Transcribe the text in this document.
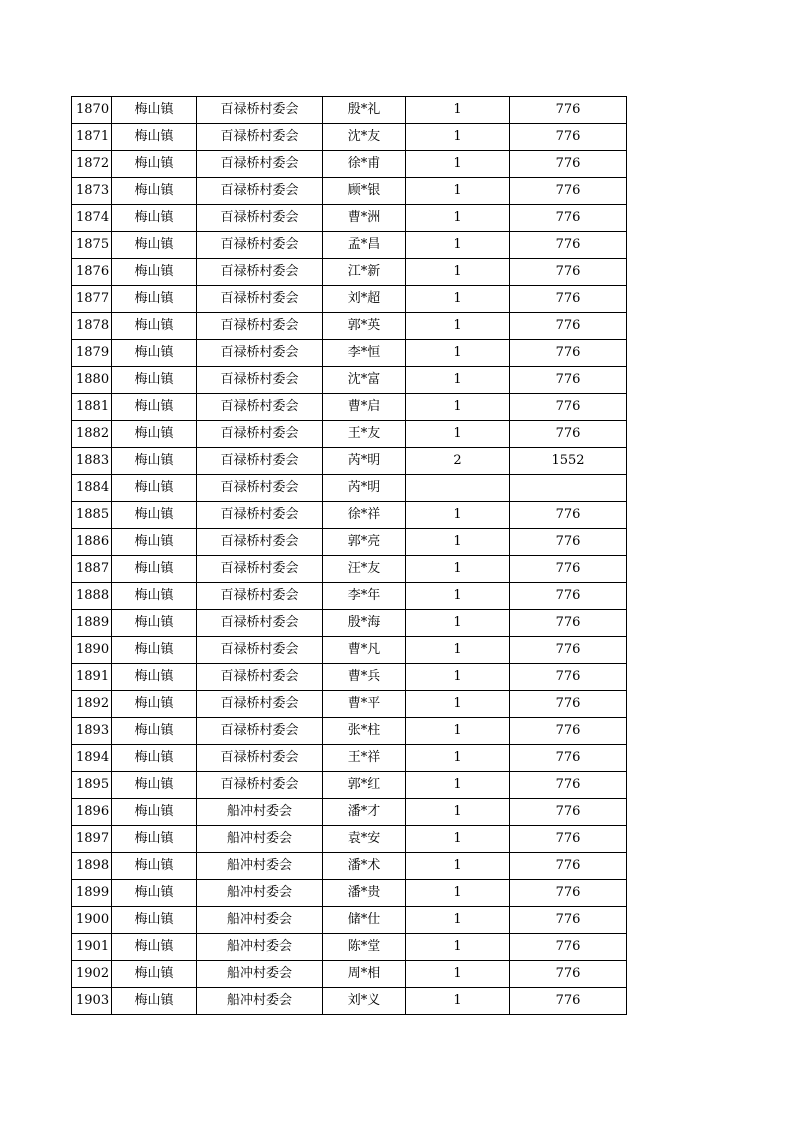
1870	梅山镇	百禄桥村委会	殷*礼	1	776
1871	梅山镇	百禄桥村委会	沈*友	1	776
1872	梅山镇	百禄桥村委会	徐*甫	1	776
1873	梅山镇	百禄桥村委会	顾*银	1	776
1874	梅山镇	百禄桥村委会	曹*洲	1	776
1875	梅山镇	百禄桥村委会	孟*昌	1	776
1876	梅山镇	百禄桥村委会	江*新	1	776
1877	梅山镇	百禄桥村委会	刘*超	1	776
1878	梅山镇	百禄桥村委会	郭*英	1	776
1879	梅山镇	百禄桥村委会	李*恒	1	776
1880	梅山镇	百禄桥村委会	沈*富	1	776
1881	梅山镇	百禄桥村委会	曹*启	1	776
1882	梅山镇	百禄桥村委会	王*友	1	776
1883	梅山镇	百禄桥村委会	芮*明	2	1552
1884	梅山镇	百禄桥村委会	芮*明		
1885	梅山镇	百禄桥村委会	徐*祥	1	776
1886	梅山镇	百禄桥村委会	郭*亮	1	776
1887	梅山镇	百禄桥村委会	汪*友	1	776
1888	梅山镇	百禄桥村委会	李*年	1	776
1889	梅山镇	百禄桥村委会	殷*海	1	776
1890	梅山镇	百禄桥村委会	曹*凡	1	776
1891	梅山镇	百禄桥村委会	曹*兵	1	776
1892	梅山镇	百禄桥村委会	曹*平	1	776
1893	梅山镇	百禄桥村委会	张*柱	1	776
1894	梅山镇	百禄桥村委会	王*祥	1	776
1895	梅山镇	百禄桥村委会	郭*红	1	776
1896	梅山镇	船冲村委会	潘*才	1	776
1897	梅山镇	船冲村委会	袁*安	1	776
1898	梅山镇	船冲村委会	潘*术	1	776
1899	梅山镇	船冲村委会	潘*贵	1	776
1900	梅山镇	船冲村委会	储*仕	1	776
1901	梅山镇	船冲村委会	陈*堂	1	776
1902	梅山镇	船冲村委会	周*相	1	776
1903	梅山镇	船冲村委会	刘*义	1	776
